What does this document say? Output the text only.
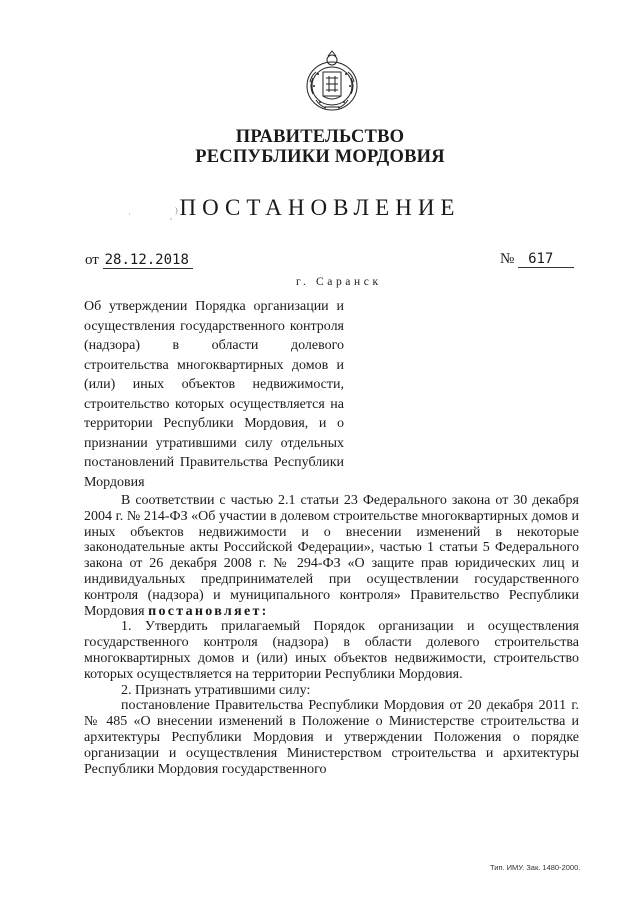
ПРАВИТЕЛЬСТВО
РЕСПУБЛИКИ МОРДОВИЯ
·	,
) ПОСТАНОВЛЕНИЕ
от 28.12.2018	№ 617
г. Саранск
Об утверждении Порядка организации и осуществления государственного контроля (надзора) в области долевого строительства многоквартирных домов и (или) иных объектов недвижимости, строительство которых осуществляется на территории Республики Мордовия, и о признании утратившими силу отдельных постановлений Правительства Республики Мордовия

В соответствии с частью 2.1 статьи 23 Федерального закона от 30 декабря 2004 г. № 214-ФЗ «Об участии в долевом строительстве многоквартирных домов и иных объектов недвижимости и о внесении изменений в некоторые законодательные акты Российской Федерации», частью 1 статьи 5 Федерального закона от 26 декабря 2008 г. № 294-ФЗ «О защите прав юридических лиц и индивидуальных предпринимателей при осуществлении государственного контроля (надзора) и муниципального контроля» Правительство Республики Мордовия постановляет:

1. Утвердить прилагаемый Порядок организации и осуществления государственного контроля (надзора) в области долевого строительства многоквартирных домов и (или) иных объектов недвижимости, строительство которых осуществляется на территории Республики Мордовия.

2. Признать утратившими силу:

постановление Правительства Республики Мордовия от 20 декабря 2011 г. № 485 «О внесении изменений в Положение о Министерстве строительства и архитектуры Республики Мордовия и утверждении Положения о порядке организации и осуществления Министерством строительства и архитектуры Республики Мордовия государственного

Тип. ИМУ. Зак. 1480-2000.
